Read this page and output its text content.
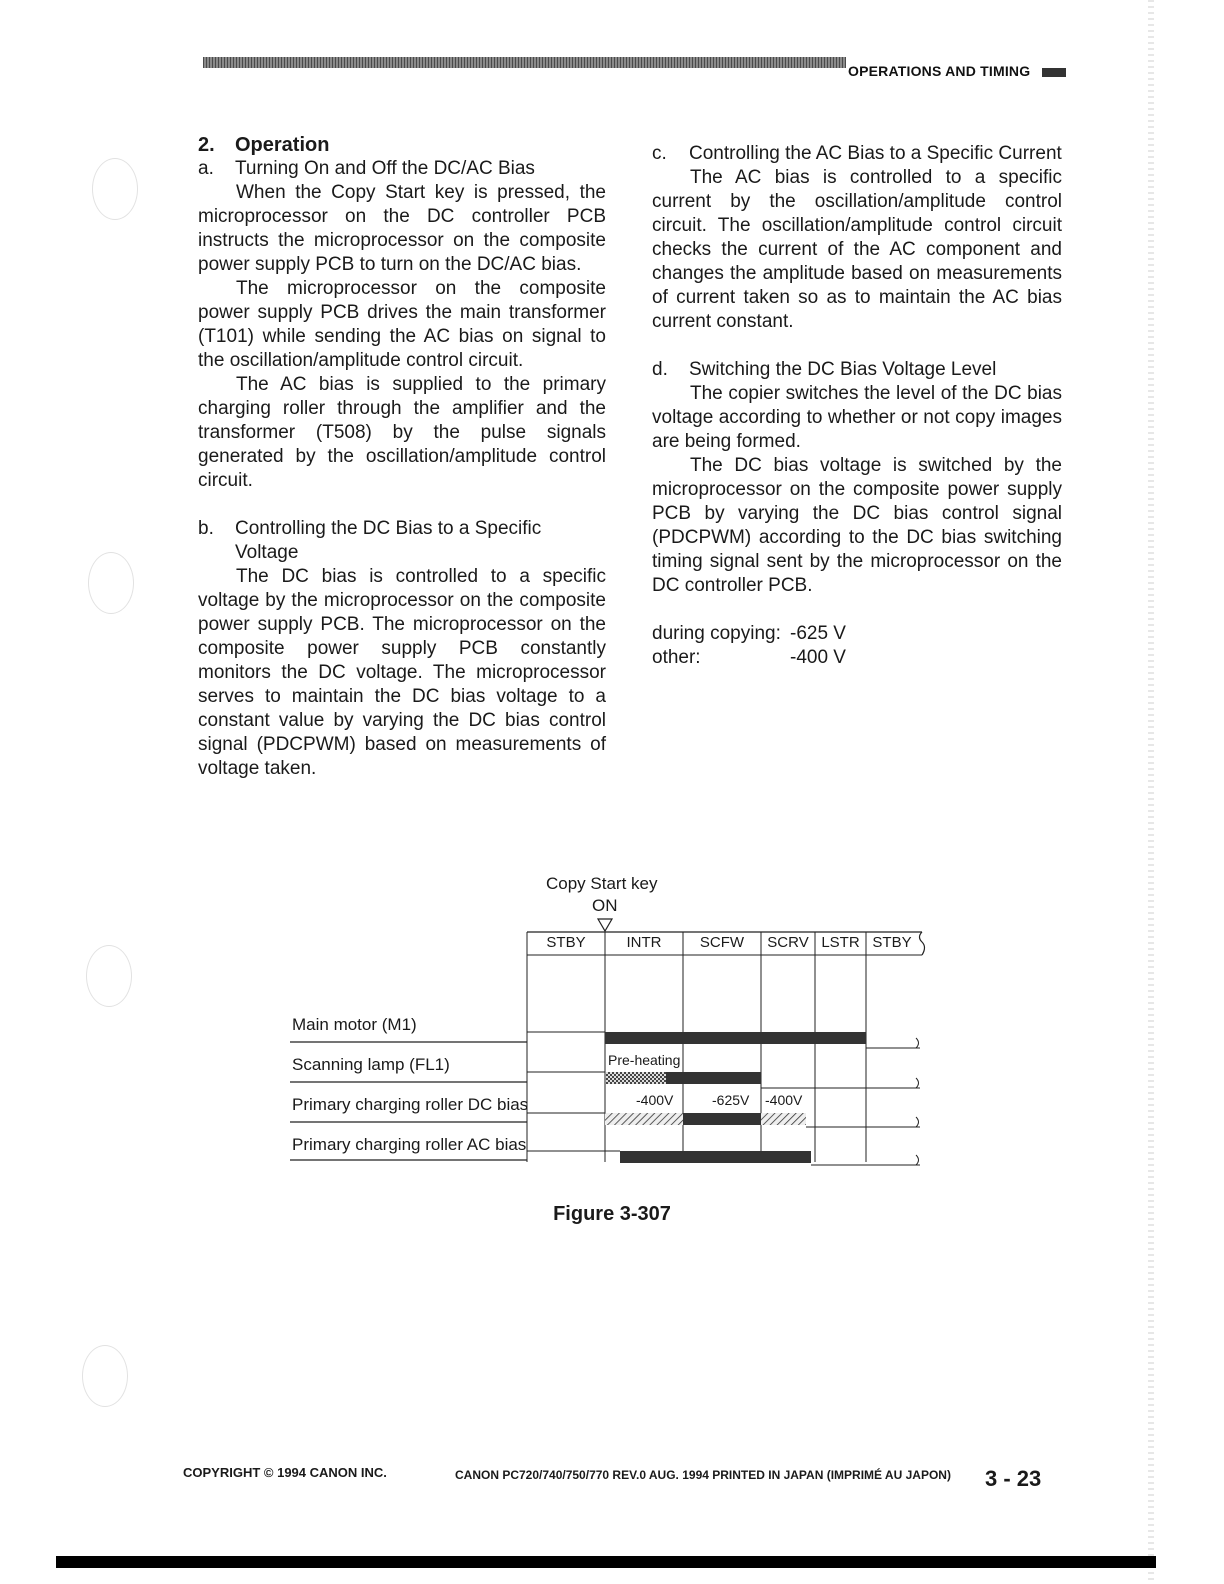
OPERATIONS AND TIMING
2.	Operation
a.	Turning On and Off the DC/AC Bias

When the Copy Start key is pressed, the microprocessor on the DC controller PCB instructs the microprocessor on the composite power supply PCB to turn on the DC/AC bias.

The microprocessor on the composite power supply PCB drives the main transformer (T101) while sending the AC bias on signal to the oscillation/amplitude control circuit.

The AC bias is supplied to the primary charging roller through the amplifier and the transformer (T508) by the pulse signals generated by the oscillation/amplitude control circuit.

b.	Controlling the DC Bias to a Specific Voltage

The DC bias is controlled to a specific voltage by the microprocessor on the composite power supply PCB. The microprocessor on the composite power supply PCB constantly monitors the DC voltage. The microprocessor serves to maintain the DC bias voltage to a constant value by varying the DC bias control signal (PDCPWM) based on measurements of voltage taken.

c.	Controlling the AC Bias to a Specific Current

The AC bias is controlled to a specific current by the oscillation/amplitude control circuit. The oscillation/amplitude control circuit checks the current of the AC component and changes the amplitude based on measurements of current taken so as to maintain the AC bias current constant.

d.	Switching the DC Bias Voltage Level

The copier switches the level of the DC bias voltage according to whether or not copy images are being formed.

The DC bias voltage is switched by the microprocessor on the composite power supply PCB by varying the DC bias control signal (PDCPWM) according to the DC bias switching timing signal sent by the microprocessor on the DC controller PCB.

during copying: -625 V
other:	-400 V
Copy Start key
ON
STBY	INTR	SCFW	SCRV LSTR STBY
Main motor (M1)
Scanning lamp (FL1)
Primary charging roller DC bias
Primary charging roller AC bias
Pre-heating
-400V	-625V -400V
Figure 3-307
COPYRIGHT © 1994 CANON INC.	CANON PC720/740/750/770 REV.0 AUG. 1994 PRINTED IN JAPAN (IMPRIMÉ AU JAPON) 3 - 23
